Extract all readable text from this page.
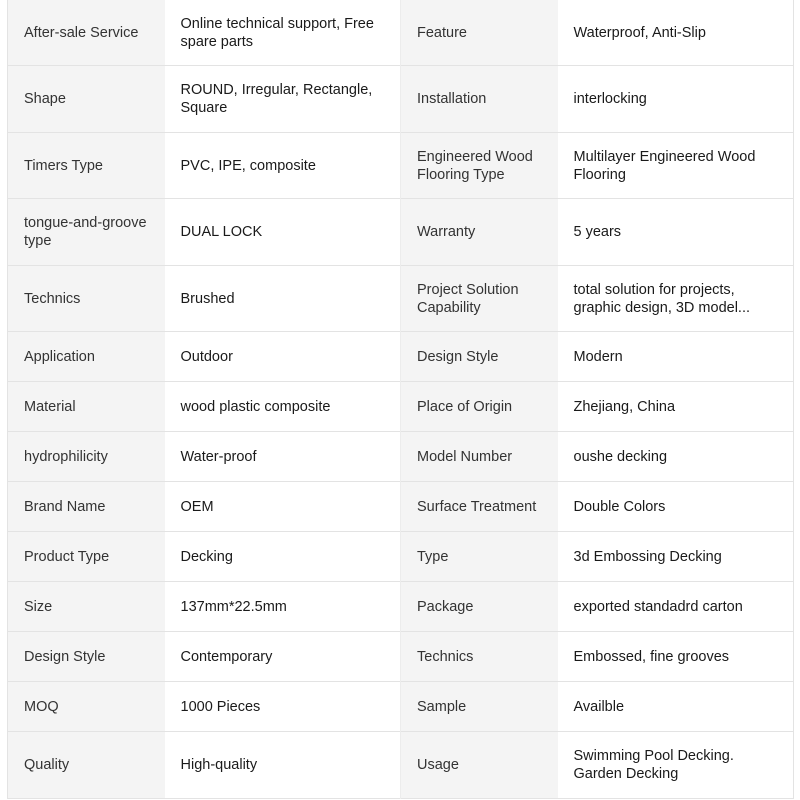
After-sale Service	Online technical support, Free spare parts	Feature	Waterproof, Anti-Slip
Shape	ROUND, Irregular, Rectangle, Square	Installation	interlocking
Timers Type	PVC, IPE, composite	Engineered Wood Flooring Type	Multilayer Engineered Wood Flooring
tongue-and-groove type	DUAL LOCK	Warranty	5 years
Technics	Brushed	Project Solution Capability	total solution for projects, graphic design, 3D model...
Application	Outdoor	Design Style	Modern
Material	wood plastic composite	Place of Origin	Zhejiang, China
hydrophilicity	Water-proof	Model Number	oushe decking
Brand Name	OEM	Surface Treatment	Double Colors
Product Type	Decking	Type	3d Embossing Decking
Size	137mm*22.5mm	Package	exported standadrd carton
Design Style	Contemporary	Technics	Embossed, fine grooves
MOQ	1000 Pieces	Sample	Availble
Quality	High-quality	Usage	Swimming Pool Decking. Garden Decking
